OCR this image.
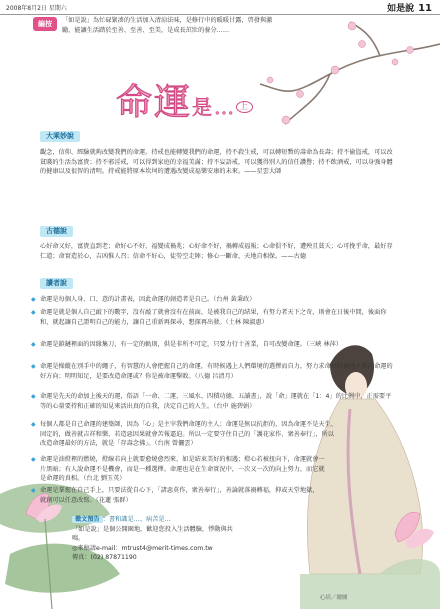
2008年8月2日 星期六	如是說 11
編按	「如是說」為忙碌緊湊的生活加入清涼法味，是修行中的暖暖甘露，啓發與激勵，能讓生活踏於至善、至善、至美，是成長茁壯的養分……
命運是… 上
大乘妙說
觀念，信仰、經驗就夠改變我們的命運。持戒也能轉變我們的命運，持不殺生戒，可以轉短暫的壽命為長壽；持不偷盜戒，可以改貧賤的生活為富貴；持不邪淫戒，可以得到家庭的幸福美滿；持不妄語戒，可以獲得別人的信任讚譽；持不飲酒戒，可以身強身體的健康以及很智的清明。持戒能將原本坎坷的遭遇改變成福樂安康的未來。——星雲大師
古德說
心好命又好，富貴直到老；命好心不好，福變成禍兆；心好命不好，禍轉成福報；心命俱不好，遭殃且貧夭；心可挽乎命，最好存仁道；命實造於心，吉凶惟人召；信命不好心，徒勞空走陣；修心一斷命，天地自相保。——古德
讀者說
◆ 命運是每個人身、口、意的計畫表，因此命運的創造者是自己。（台州 黃秉政）
◆ 命運是就是個人自己敲下的數字，沒有敲了就會沒有在前面，是被我自己的結果，有努力者天下之奇，則會在日後中間，後面你和，就起讓自己證明自己的能力，讓自己重新再探尋，想探再出發。（土林 陳淑惠）
◆ 命運是鎖鏈裡面的因緣集刀，有一定的軌則，供是非所不可定，只要力行十善業，自可改變命運。（三峽 林萍）
◆ 命運是操縱在別手中的繩子，有智慧的人會把握自己的命運，有時候遇上人們環境的選擇而自力，努力求命好時被他人推向命運的好方向；明明知足，是要改造命運或？你是被命運擊敗。（八德 呂清月）
◆ 命運是先天的命加上後天的運，俗語「一命、二運、三風水、四積功德、五讀書」，說「命」運就在「1：4」的比例中，正需要平等的心量要持和正確的知見來活出真的自我，決定自己的人生。（台中 施碧娟）
◆ 每個人都是自己命運的建築師，因為「心」是主宰我們命運的主人；命運是無以抗拒的，因為命運不是天生、固定的，做善就吉祥和樂、若造惡因果就會苦報逼迫。所以一定要守住自己的「護花家作、衆善奉行」，所以改造命運最好的方法，就是「存壽念佛」。（台南 曾儷雲）
◆ 命運是油燈裡的燃燒，燈線若向上就要愈燒愈烈來，如是結束美好的相遇；燈心若被扭向下，命運就會一片黑暗；有人說命運不是機會，而是一種選擇。命運也是在生命實況中，一次又一次的向上努力，而它就是命運的真相。（台北 劉玉英）
◆ 命運是掌握在自己手上，只要法從自心下，「諸惡莫作，衆善奉行」，善論就落禍轉福，抑或天堂地獄，就創可以任意改寫。（花蓮 張群）
徵文預告 ：書和識是…、病苦是…
「如是說」是個公開園地，歡迎您投入生活體驗，悸動與共鳴。
◎來稿請e-mail：mtrust4@merit-times.com.tw
傳真：(02) 87871190
心培／繪圖
